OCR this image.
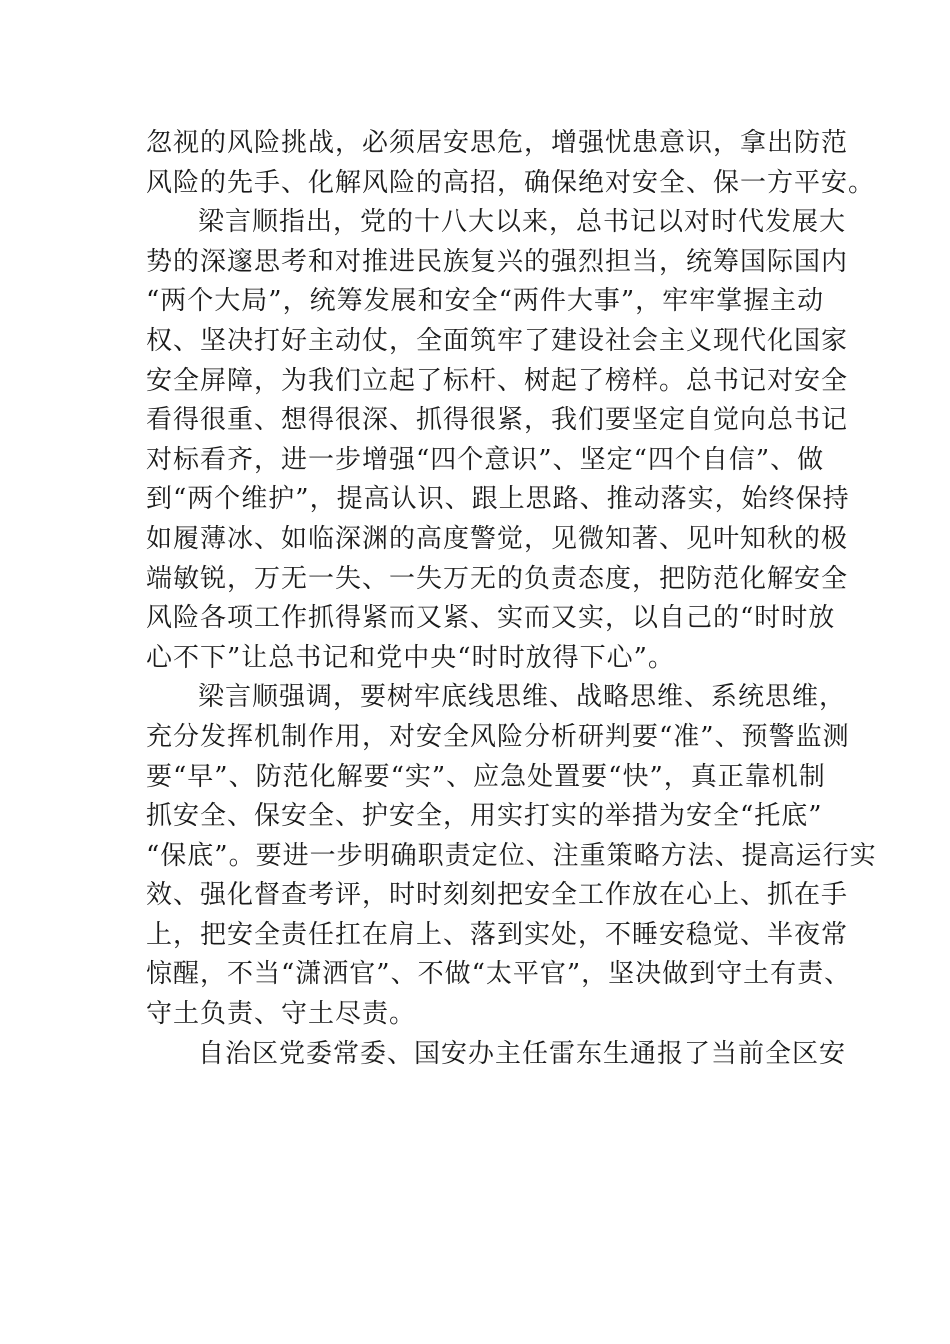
忽视的风险挑战，必须居安思危，增强忧患意识，拿出防范
风险的先手、化解风险的高招，确保绝对安全、保一方平安。
梁言顺指出，党的十八大以来，总书记以对时代发展大
势的深邃思考和对推进民族复兴的强烈担当，统筹国际国内
“两个大局”，统筹发展和安全“两件大事”，牢牢掌握主动
权、坚决打好主动仗，全面筑牢了建设社会主义现代化国家
安全屏障，为我们立起了标杆、树起了榜样。总书记对安全
看得很重、想得很深、抓得很紧，我们要坚定自觉向总书记
对标看齐，进一步增强“四个意识”、坚定“四个自信”、做
到“两个维护”，提高认识、跟上思路、推动落实，始终保持
如履薄冰、如临深渊的高度警觉，见微知著、见叶知秋的极
端敏锐，万无一失、一失万无的负责态度，把防范化解安全
风险各项工作抓得紧而又紧、实而又实，以自己的“时时放
心不下”让总书记和党中央“时时放得下心”。
梁言顺强调，要树牢底线思维、战略思维、系统思维，
充分发挥机制作用，对安全风险分析研判要“准”、预警监测
要“早”、防范化解要“实”、应急处置要“快”，真正靠机制
抓安全、保安全、护安全，用实打实的举措为安全“托底”
“保底”。要进一步明确职责定位、注重策略方法、提高运行实
效、强化督查考评，时时刻刻把安全工作放在心上、抓在手
上，把安全责任扛在肩上、落到实处，不睡安稳觉、半夜常
惊醒，不当“潇洒官”、不做“太平官”，坚决做到守土有责、
守土负责、守土尽责。
自治区党委常委、国安办主任雷东生通报了当前全区安
